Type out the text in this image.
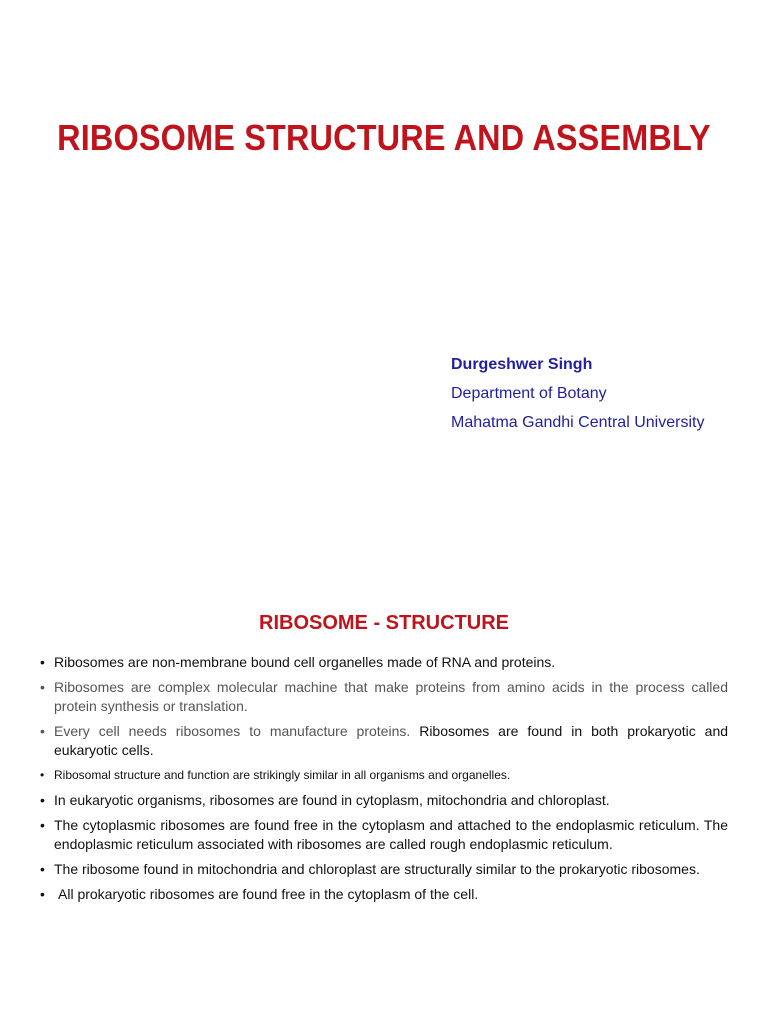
RIBOSOME STRUCTURE AND ASSEMBLY
Durgeshwer Singh
Department of Botany
Mahatma Gandhi Central University
RIBOSOME - STRUCTURE
• Ribosomes are non-membrane bound cell organelles made of RNA and proteins.
• Ribosomes are complex molecular machine that make proteins from amino acids in the process called protein synthesis or translation.
• Every cell needs ribosomes to manufacture proteins. Ribosomes are found in both prokaryotic and eukaryotic cells.
• Ribosomal structure and function are strikingly similar in all organisms and organelles.
• In eukaryotic organisms, ribosomes are found in cytoplasm, mitochondria and chloroplast.
• The cytoplasmic ribosomes are found free in the cytoplasm and attached to the endoplasmic reticulum. The endoplasmic reticulum associated with ribosomes are called rough endoplasmic reticulum.
• The ribosome found in mitochondria and chloroplast are structurally similar to the prokaryotic ribosomes.
• All prokaryotic ribosomes are found free in the cytoplasm of the cell.
